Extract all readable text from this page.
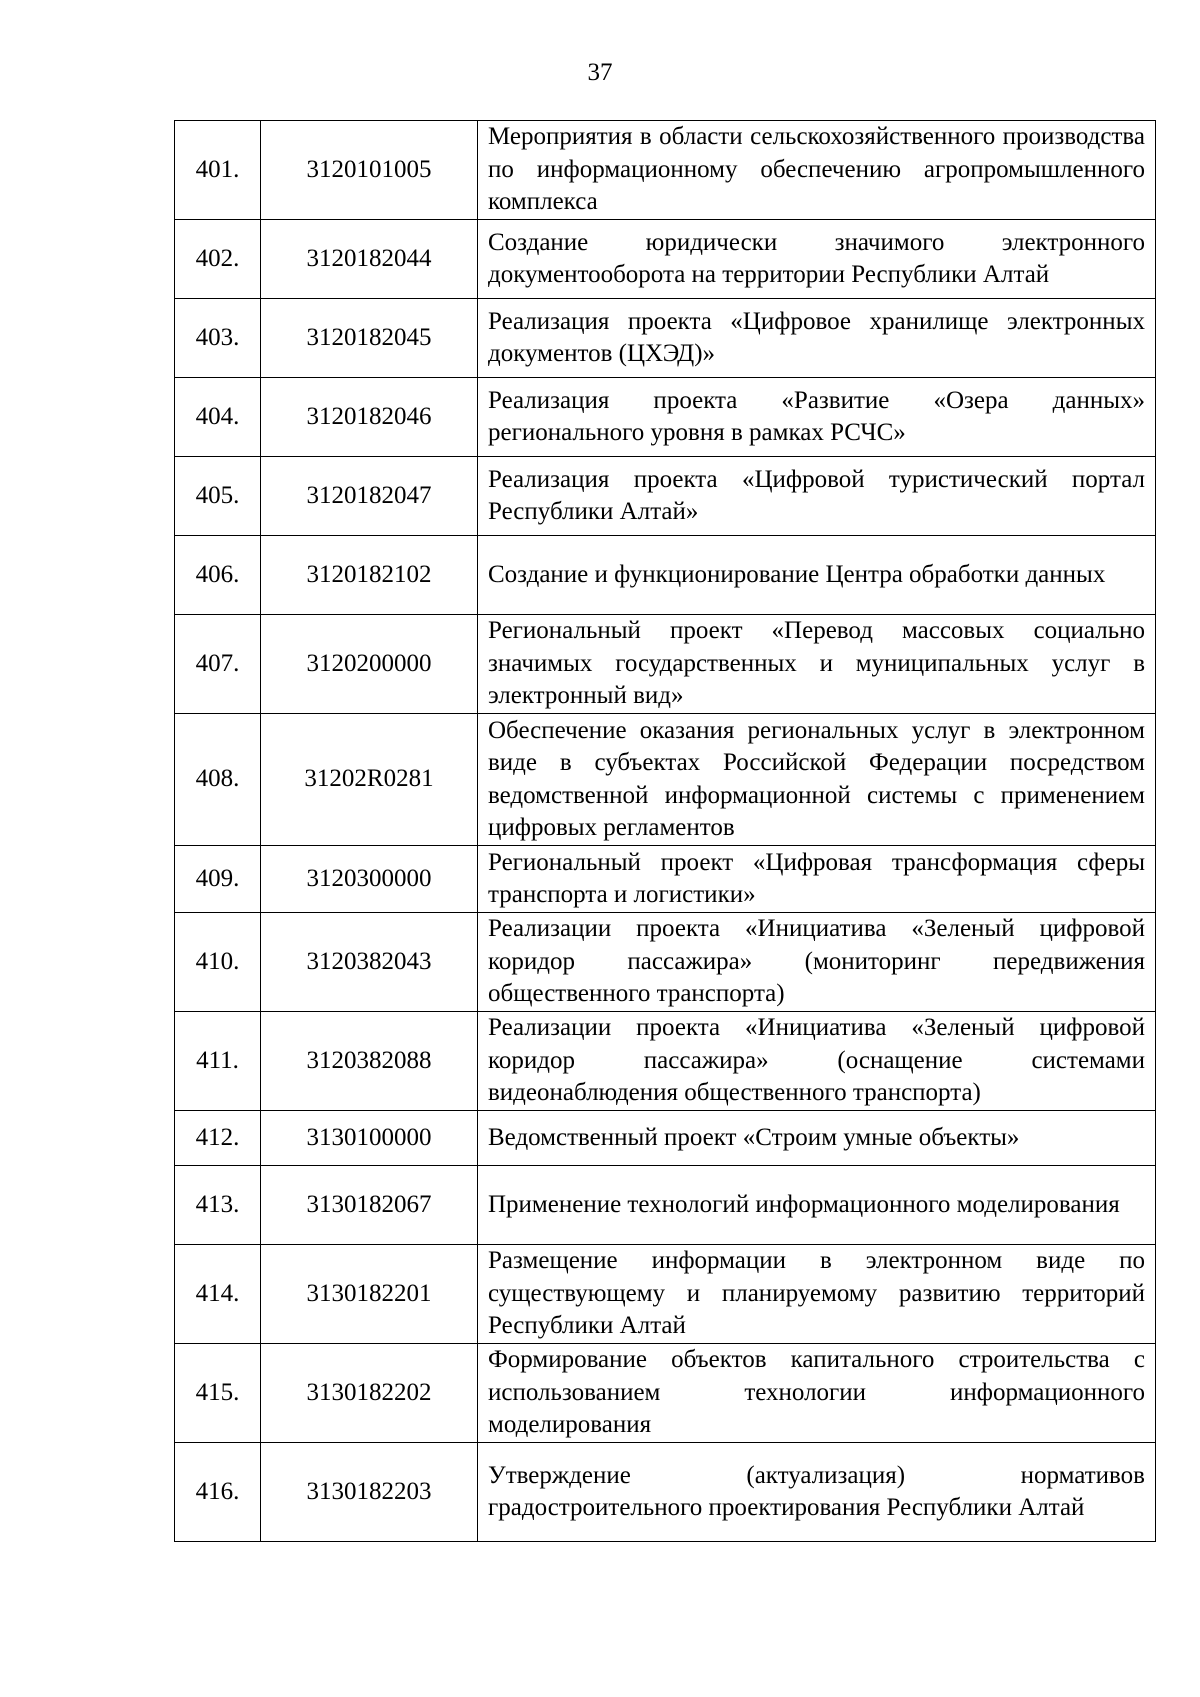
37
401.	3120101005	Мероприятия в области сельскохозяйственного производства по информационному обеспечению агропромышленного комплекса
402.	3120182044	Создание юридически значимого электронного документооборота на территории Республики Алтай
403.	3120182045	Реализация проекта «Цифровое хранилище электронных документов (ЦХЭД)»
404.	3120182046	Реализация проекта «Развитие «Озера данных» регионального уровня в рамках РСЧС»
405.	3120182047	Реализация проекта «Цифровой туристический портал Республики Алтай»
406.	3120182102	Создание и функционирование Центра обработки данных
407.	3120200000	Региональный проект «Перевод массовых социально значимых государственных и муниципальных услуг в электронный вид»
408.	31202R0281	Обеспечение оказания региональных услуг в электронном виде в субъектах Российской Федерации посредством ведомственной информационной системы с применением цифровых регламентов
409.	3120300000	Региональный проект «Цифровая трансформация сферы транспорта и логистики»
410.	3120382043	Реализации проекта «Инициатива «Зеленый цифровой коридор пассажира» (мониторинг передвижения общественного транспорта)
411.	3120382088	Реализации проекта «Инициатива «Зеленый цифровой коридор пассажира» (оснащение системами видеонаблюдения общественного транспорта)
412.	3130100000	Ведомственный проект «Строим умные объекты»
413.	3130182067	Применение технологий информационного моделирования
414.	3130182201	Размещение информации в электронном виде по существующему и планируемому развитию территорий Республики Алтай
415.	3130182202	Формирование объектов капитального строительства с использованием технологии информационного моделирования
416.	3130182203	Утверждение (актуализация) нормативов градостроительного проектирования Республики Алтай
